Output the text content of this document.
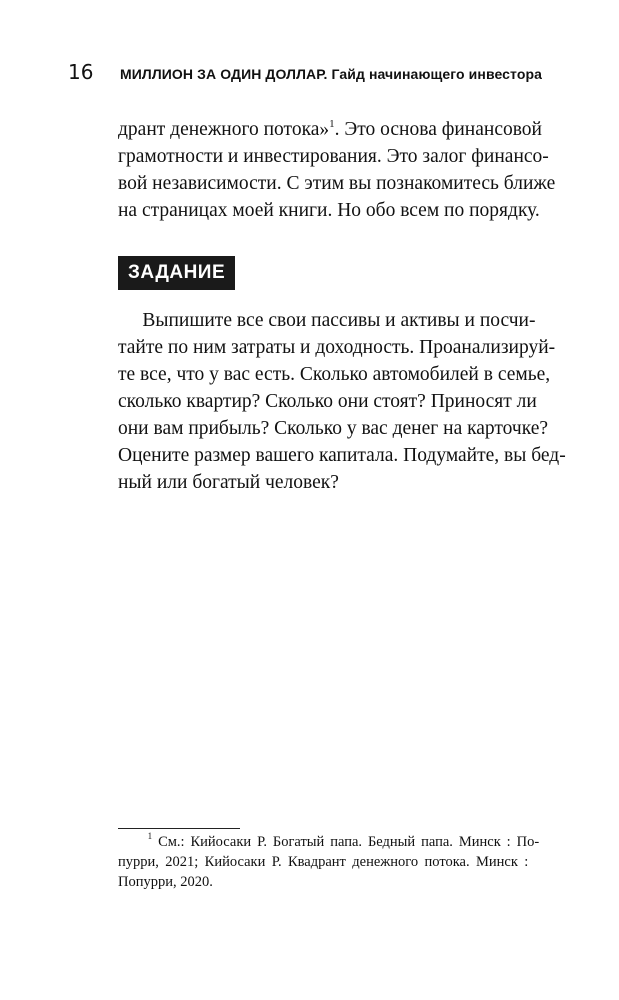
16	МИЛЛИОН ЗА ОДИН ДОЛЛАР. Гайд начинающего инвестора

дрант денежного потока»$^1$. Это основа финансовой
грамотности и инвестирования. Это залог финансо-
вой независимости. С этим вы познакомитесь ближе
на страницах моей книги. Но обо всем по порядку.

ЗАДАНИЕ

Выпишите все свои пассивы и активы и посчи-
тайте по ним затраты и доходность. Проанализируй-
те все, что у вас есть. Сколько автомобилей в семье,
сколько квартир? Сколько они стоят? Приносят ли
они вам прибыль? Сколько у вас денег на карточке?
Оцените размер вашего капитала. Подумайте, вы бед-
ный или богатый человек?

$^1$ См.: Кийосаки Р. Богатый папа. Бедный папа. Минск : По-
пурри, 2021; Кийосаки Р. Квадрант денежного потока. Минск :
Попурри, 2020.
